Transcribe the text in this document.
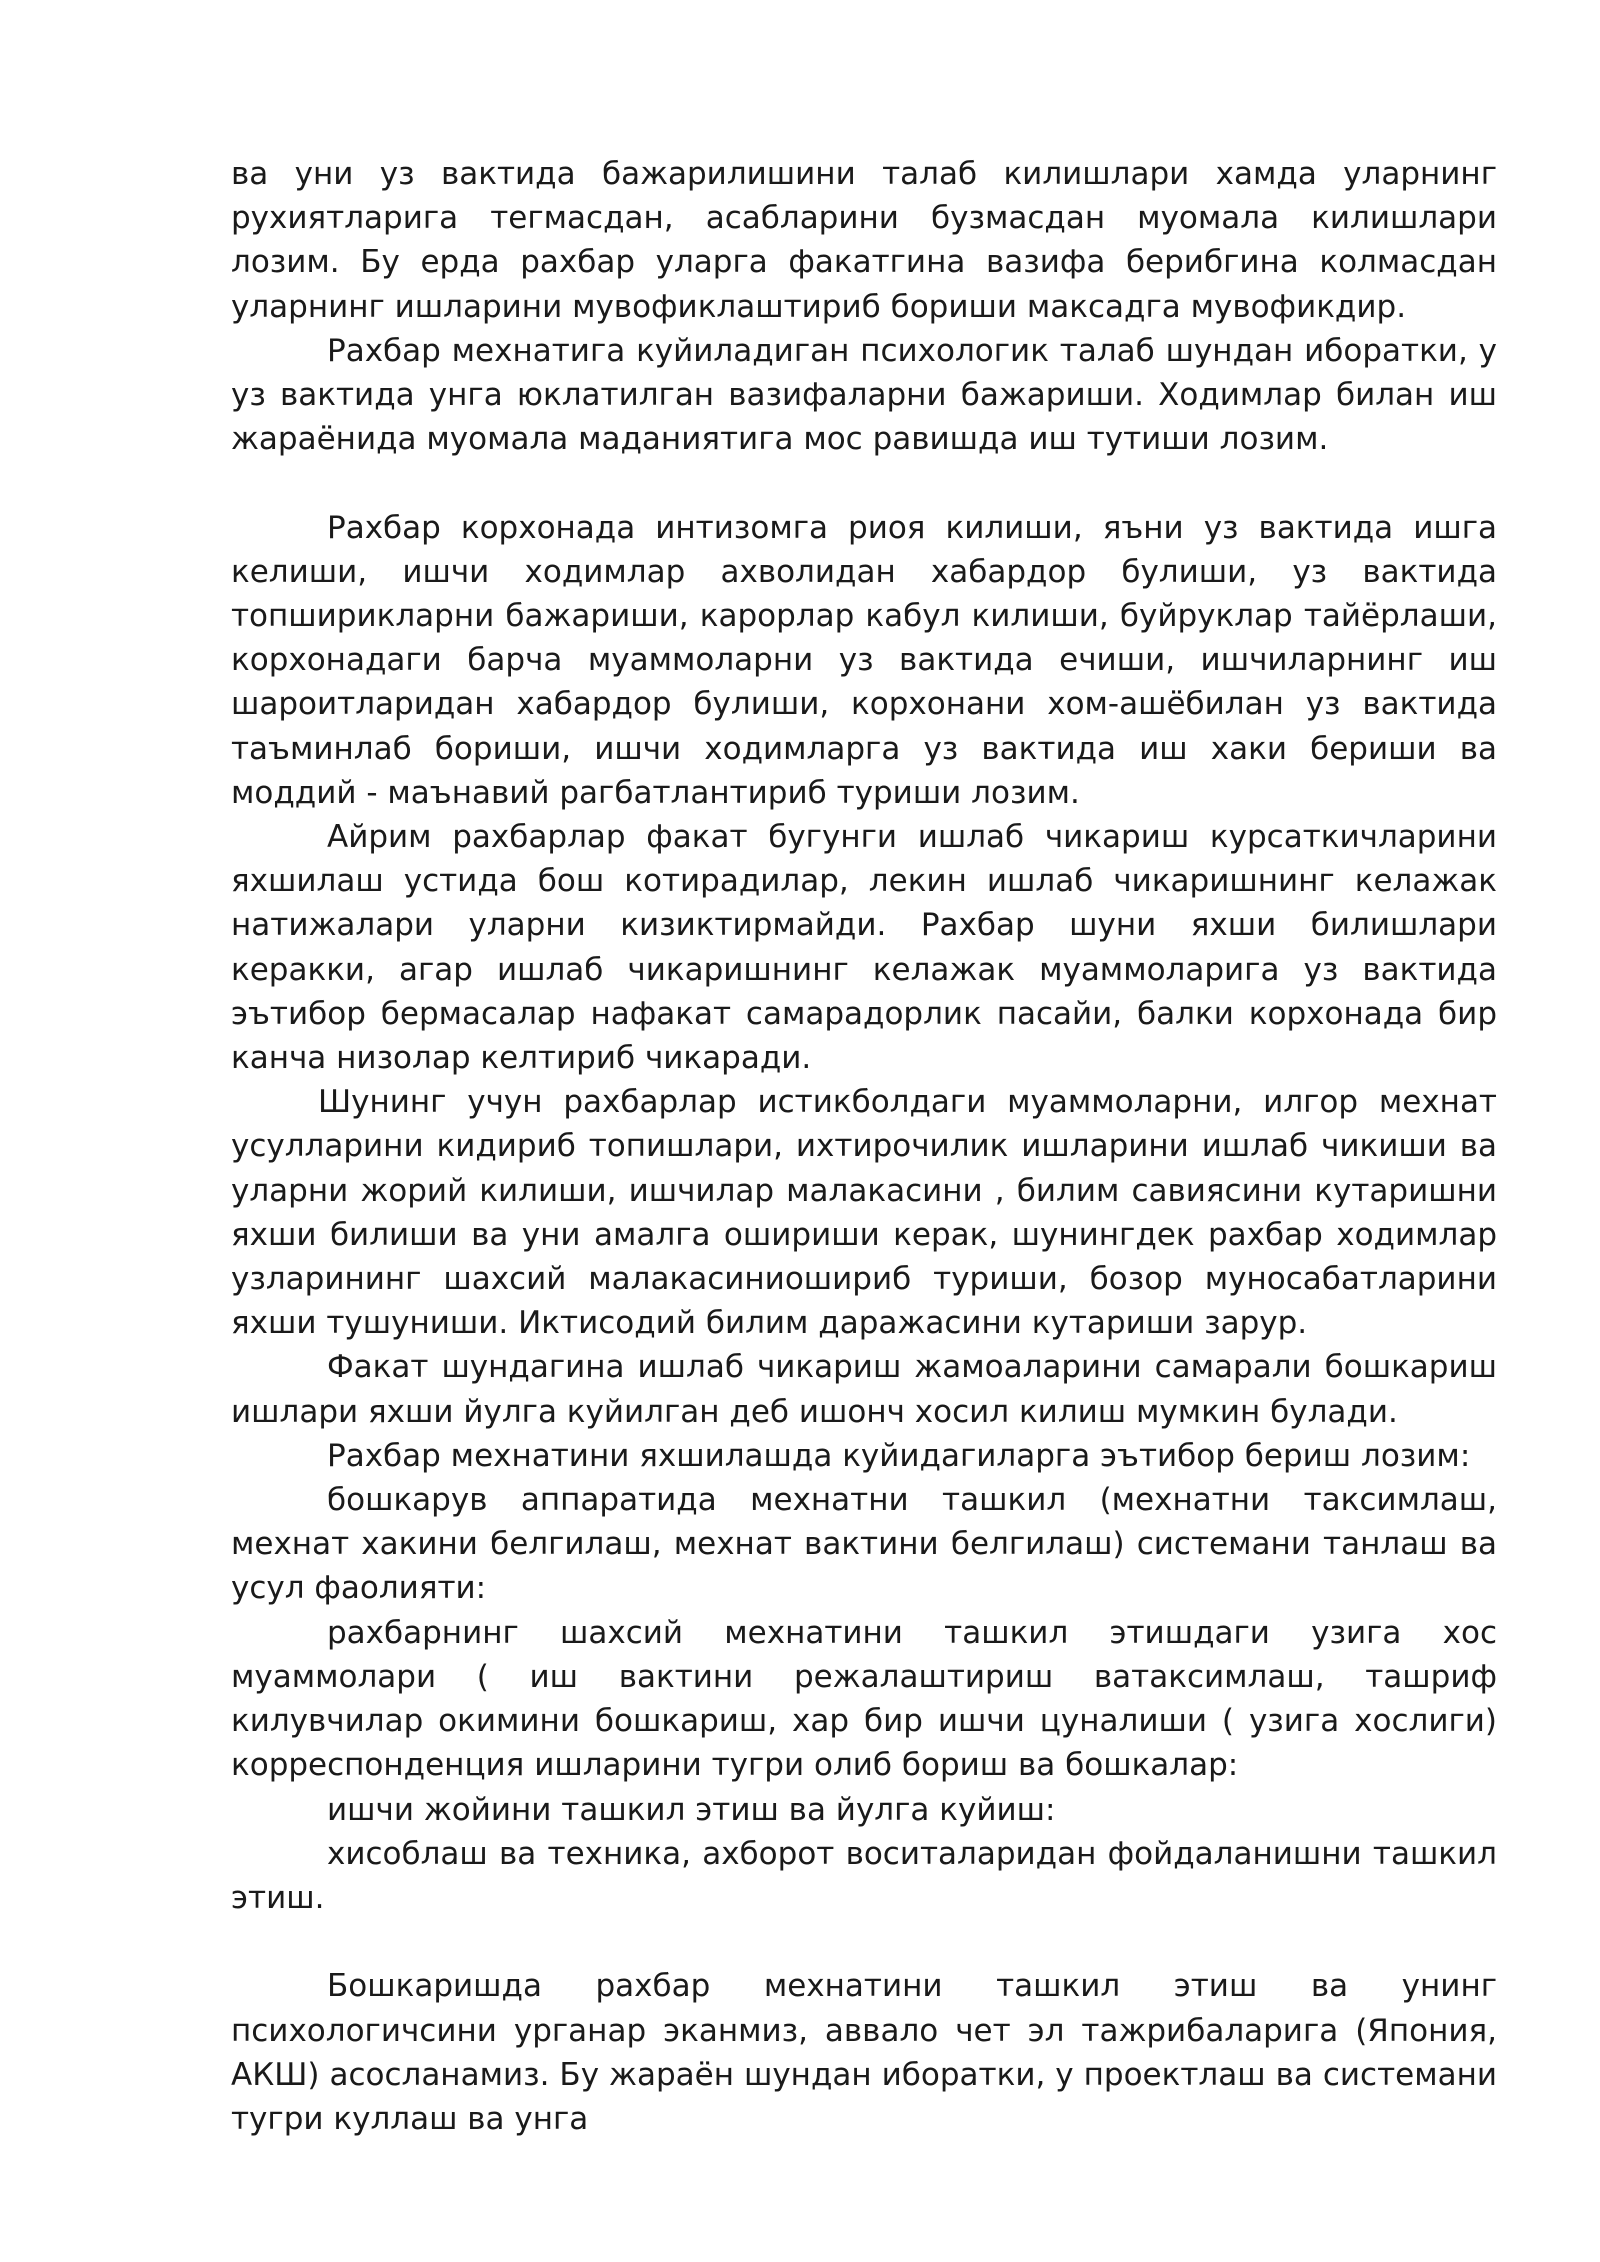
ва уни уз вактида бажарилишини талаб килишлари хамда уларнинг рухиятларига тегмасдан, асабларини бузмасдан муомала килишлари лозим. Бу ерда рахбар уларга факатгина вазифа берибгина колмасдан уларнинг ишларини мувофиклаштириб бориши максадга мувофикдир.

Рахбар мехнатига куйиладиган психологик талаб шундан иборатки, у уз вактида унга юклатилган вазифаларни бажариши. Ходимлар билан иш жараёнида муомала маданиятига мос равишда иш тутиши лозим.

Рахбар корхонада интизомга риоя килиши, яъни уз вактида ишга келиши, ишчи ходимлар ахволидан хабардор булиши, уз вактида топширикларни бажариши, карорлар кабул килиши, буйруклар тайёрлаши, корхонадаги барча муаммоларни уз вактида ечиши, ишчиларнинг иш шароитларидан хабардор булиши, корхонани хом-ашёбилан уз вактида таъминлаб бориши, ишчи ходимларга уз вактида иш хаки бериши ва моддий - маънавий рагбатлантириб туриши лозим.

Айрим рахбарлар факат бугунги ишлаб чикариш курсаткичларини яхшилаш устида бош котирадилар, лекин ишлаб чикаришнинг келажак натижалари уларни кизиктирмайди. Рахбар шуни яхши билишлари керакки, агар ишлаб чикаришнинг келажак муаммоларига уз вактида эътибор бермасалар нафакат самарадорлик пасайи, балки корхонада бир канча низолар келтириб чикаради.

Шунинг учун рахбарлар истикболдаги муаммоларни, илгор мехнат усулларини кидириб топишлари, ихтирочилик ишларини ишлаб чикиши ва уларни жорий килиши, ишчилар малакасини , билим савиясини кутаришни яхши билиши ва уни амалга ошириши керак, шунингдек рахбар ходимлар узларининг шахсий малакасиниошириб туриши, бозор муносабатларини яхши тушуниши. Иктисодий билим даражасини кутариши зарур.

Факат шундагина ишлаб чикариш жамоаларини самарали бошкариш ишлари яхши йулга куйилган деб ишонч хосил килиш мумкин булади.

Рахбар мехнатини яхшилашда куйидагиларга эътибор бериш лозим:

бошкарув аппаратида мехнатни ташкил (мехнатни таксимлаш, мехнат хакини белгилаш, мехнат вактини белгилаш) системани танлаш ва усул фаолияти:

рахбарнинг шахсий мехнатини ташкил этишдаги узига хос муаммолари ( иш вактини режалаштириш ватаксимлаш, ташриф килувчилар окимини бошкариш, хар бир ишчи цуналиши ( узига хослиги) корреспонденция ишларини тугри олиб бориш ва бошкалар:

ишчи жойини ташкил этиш ва йулга куйиш:

хисоблаш ва техника, ахборот воситаларидан фойдаланишни ташкил этиш.

Бошкаришда рахбар мехнатини ташкил этиш ва унинг психологичсини урганар эканмиз, аввало чет эл тажрибаларига (Япония, АКШ) асосланамиз. Бу жараён шундан иборатки, у проектлаш ва системани тугри куллаш ва унга
